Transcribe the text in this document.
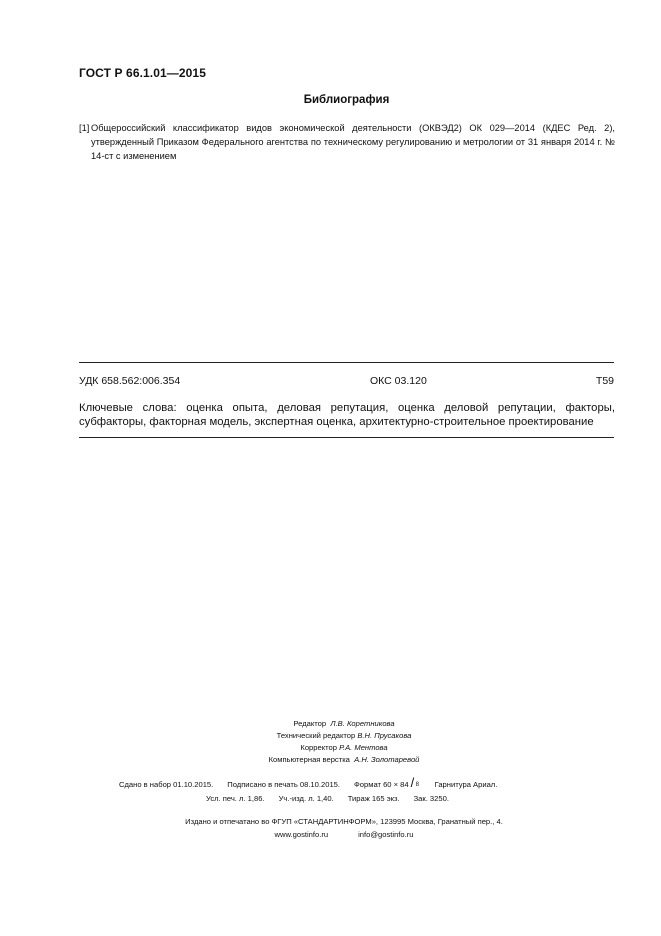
ГОСТ Р 66.1.01—2015
Библиография
[1] Общероссийский классификатор видов экономической деятельности (ОКВЭД2) ОК 029—2014 (КДЕС Ред. 2), утвержденный Приказом Федерального агентства по техническому регулированию и метрологии от 31 января 2014 г. № 14-ст с изменением
УДК 658.562:006.354	ОКС 03.120	Т59
Ключевые слова: оценка опыта, деловая репутация, оценка деловой репутации, факторы, субфакторы, факторная модель, экспертная оценка, архитектурно-строительное проектирование
Редактор Л.В. Коретникова
Технический редактор В.Н. Прусакова
Корректор Р.А. Ментова
Компьютерная верстка А.Н. Золотаревой
Сдано в набор 01.10.2015. Подписано в печать 08.10.2015. Формат 60 × 84 / 8 Гарнитура Ариал.
Усл. печ. л. 1,86. Уч.-изд. л. 1,40. Тираж 165 экз. Зак. 3250.
Издано и отпечатано во ФГУП «СТАНДАРТИНФОРМ», 123995 Москва, Гранатный пер., 4.
www.gostinfo.ru	info@gostinfo.ru
